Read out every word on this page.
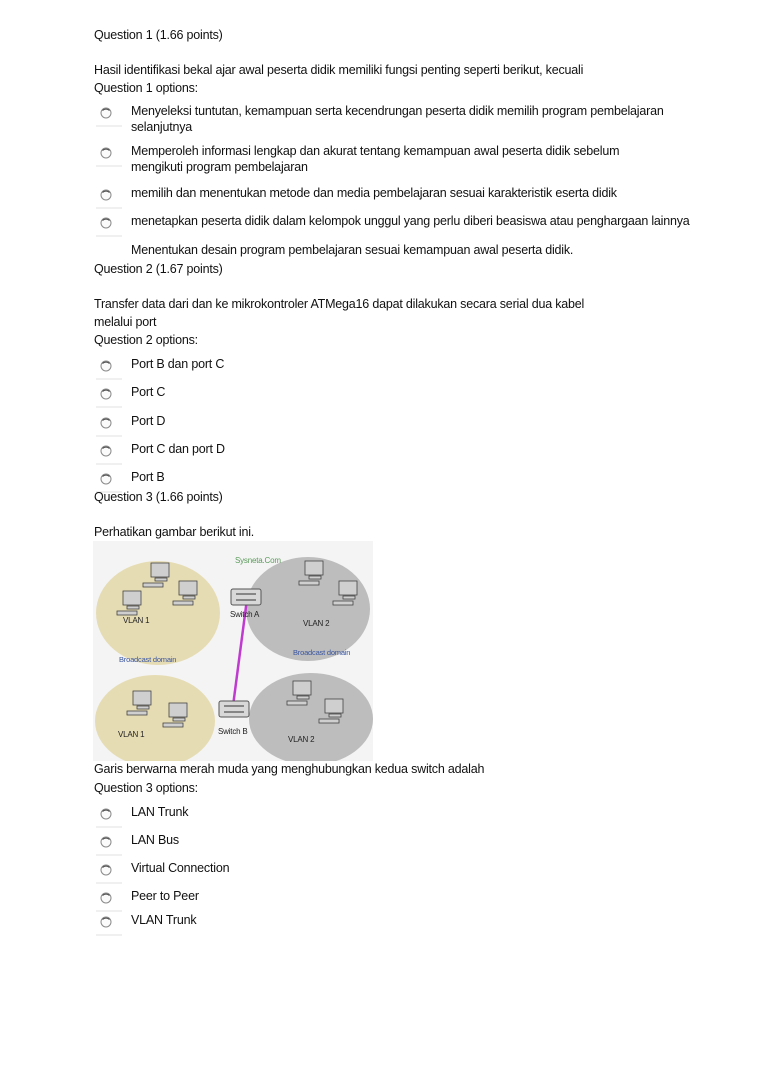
Question 1 (1.66 points)
Hasil identifikasi bekal ajar awal peserta didik memiliki fungsi penting seperti berikut, kecuali
Question 1 options:
Menyeleksi tuntutan, kemampuan serta kecendrungan peserta didik memilih program pembelajaran
selanjutnya
Memperoleh informasi lengkap dan akurat tentang kemampuan awal peserta didik sebelum
mengikuti program pembelajaran
memilih dan menentukan metode dan media pembelajaran sesuai karakteristik eserta didik
menetapkan peserta didik dalam kelompok unggul yang perlu diberi beasiswa atau penghargaan lainnya
Menentukan desain program pembelajaran sesuai kemampuan awal peserta didik.
Question 2 (1.67 points)
Transfer data dari dan ke mikrokontroler ATMega16 dapat dilakukan secara serial dua kabel
melalui port
Question 2 options:
Port B dan port C
Port C
Port D
Port C dan port D
Port B
Question 3 (1.66 points)
Perhatikan gambar berikut ini.
Sysneta.Com
VLAN 1	VLAN 2
Switch A
Switch B
VLAN 1
VLAN 2
Broadcast domain
Broadcast domain
Garis berwarna merah muda yang menghubungkan kedua switch adalah
Question 3 options:
LAN Trunk
LAN Bus
Virtual Connection
Peer to Peer
VLAN Trunk
